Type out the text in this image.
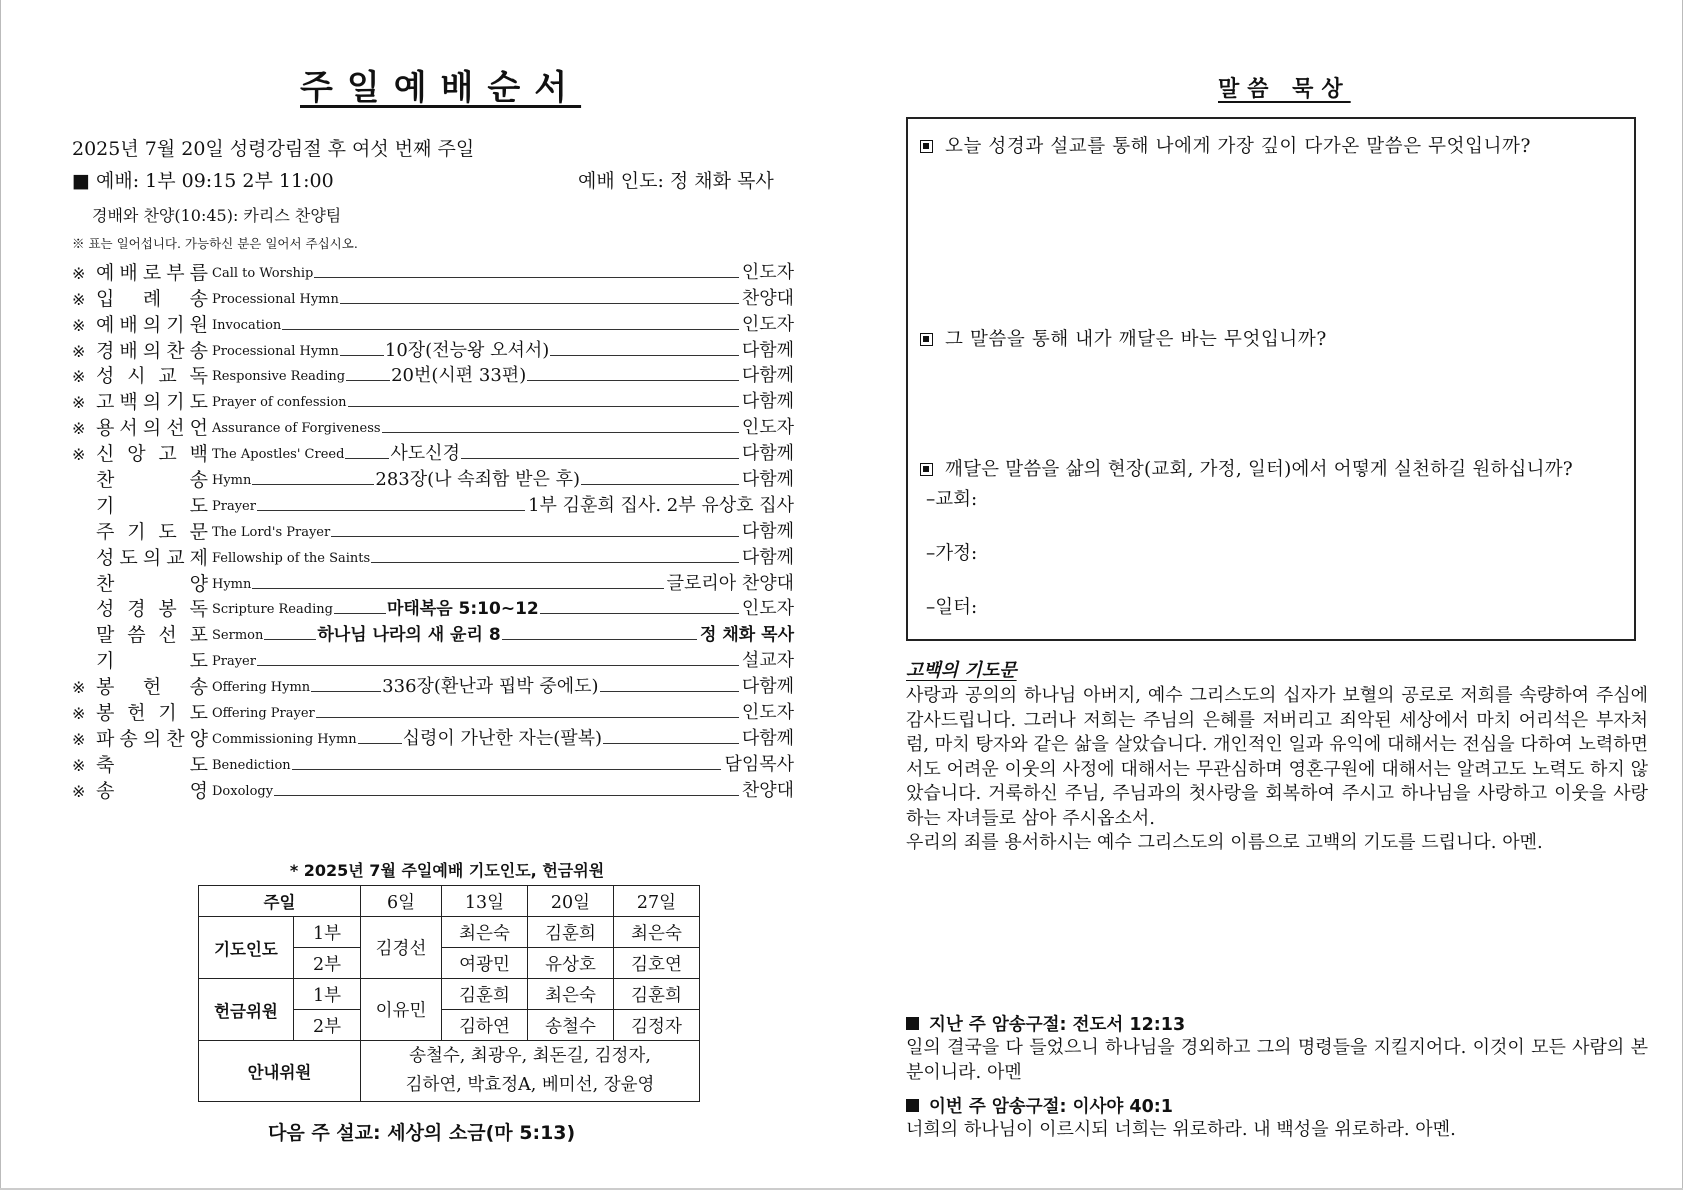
주일예배순서
2025년 7월 20일 성령강림절 후 여섯 번째 주일
■ 예배: 1부 09:15 2부 11:00	예배 인도: 정 채화 목사
경배와 찬양(10:45): 카리스 찬양팀
※ 표는 일어섭니다. 가능하신 분은 일어서 주십시오.
※ 예 배 로 부 름 Call to Worship	인도자
※ 입 례 송 Processional Hymn	찬양대
※ 예 배 의 기 원 Invocation	인도자
※ 경 배 의 찬 송 Processional Hymn	10장(전능왕 오셔서)	다함께
※ 성 시 교 독 Responsive Reading	20번(시편 33편)	다함께
※ 고 백 의 기 도 Prayer of confession	다함께
※ 용 서 의 선 언 Assurance of Forgiveness	인도자
※ 신 앙 고 백 The Apostles' Creed	사도신경	다함께
찬	송 Hymn	283장(나 속죄함 받은 후)	다함께
기	도 Prayer	1부 김훈희 집사. 2부 유상호 집사
주 기 도 문 The Lord's Prayer	다함께
성 도 의 교 제 Fellowship of the Saints	다함께
찬	양 Hymn	글로리아 찬양대
성 경 봉 독 Scripture Reading	마태복음 5:10~12	인도자
말 씀 선 포 Sermon	하나님 나라의 새 윤리 8	정 채화 목사
기	도 Prayer	설교자
※ 봉 헌 송 Offering Hymn	336장(환난과 핍박 중에도)	다함께
※ 봉 헌 기 도 Offering Prayer	인도자
※ 파 송 의 찬 양 Commissioning Hymn	십령이 가난한 자는(팔복)	다함께
※ 축	도 Benediction	담임목사
※ 송	영 Doxology	찬양대
* 2025년 7월 주일예배 기도인도, 헌금위원
주일		6일	13일	20일	27일
기도인도	1부	김경선	최은숙	김훈희	최은숙
	2부		여광민	유상호	김호연
헌금위원	1부	이유민	김훈희	최은숙	김훈희
	2부		김하연	송철수	김정자
안내위원		송철수, 최광우, 최돈길, 김정자,
김하연, 박효정A, 베미선, 장윤영			
다음 주 설교: 세상의 소금(마 5:13)
말씀 묵상
오늘 성경과 설교를 통해 나에게 가장 깊이 다가온 말씀은 무엇입니까?
그 말씀을 통해 내가 깨달은 바는 무엇입니까?
깨달은 말씀을 삶의 현장(교회, 가정, 일터)에서 어떻게 실천하길 원하십니까?
–교회:
–가정:
–일터:
고백의 기도문

사랑과 공의의 하나님 아버지, 예수 그리스도의 십자가 보혈의 공로로 저희를 속량하여 주심에 감사드립니다. 그러나 저희는 주님의 은혜를 저버리고 죄악된 세상에서 마치 어리석은 부자처럼, 마치 탕자와 같은 삶을 살았습니다. 개인적인 일과 유익에 대해서는 전심을 다하여 노력하면서도 어려운 이웃의 사정에 대해서는 무관심하며 영혼구원에 대해서는 알려고도 노력도 하지 않았습니다. 거룩하신 주님, 주님과의 첫사랑을 회복하여 주시고 하나님을 사랑하고 이웃을 사랑하는 자녀들로 삼아 주시옵소서.

우리의 죄를 용서하시는 예수 그리스도의 이름으로 고백의 기도를 드립니다. 아멘.

지난 주 암송구절: 전도서 12:13
일의 결국을 다 들었으니 하나님을 경외하고 그의 명령들을 지킬지어다. 이것이 모든 사람의 본분이니라. 아멘
이번 주 암송구절: 이사야 40:1
너희의 하나님이 이르시되 너희는 위로하라. 내 백성을 위로하라. 아멘.
